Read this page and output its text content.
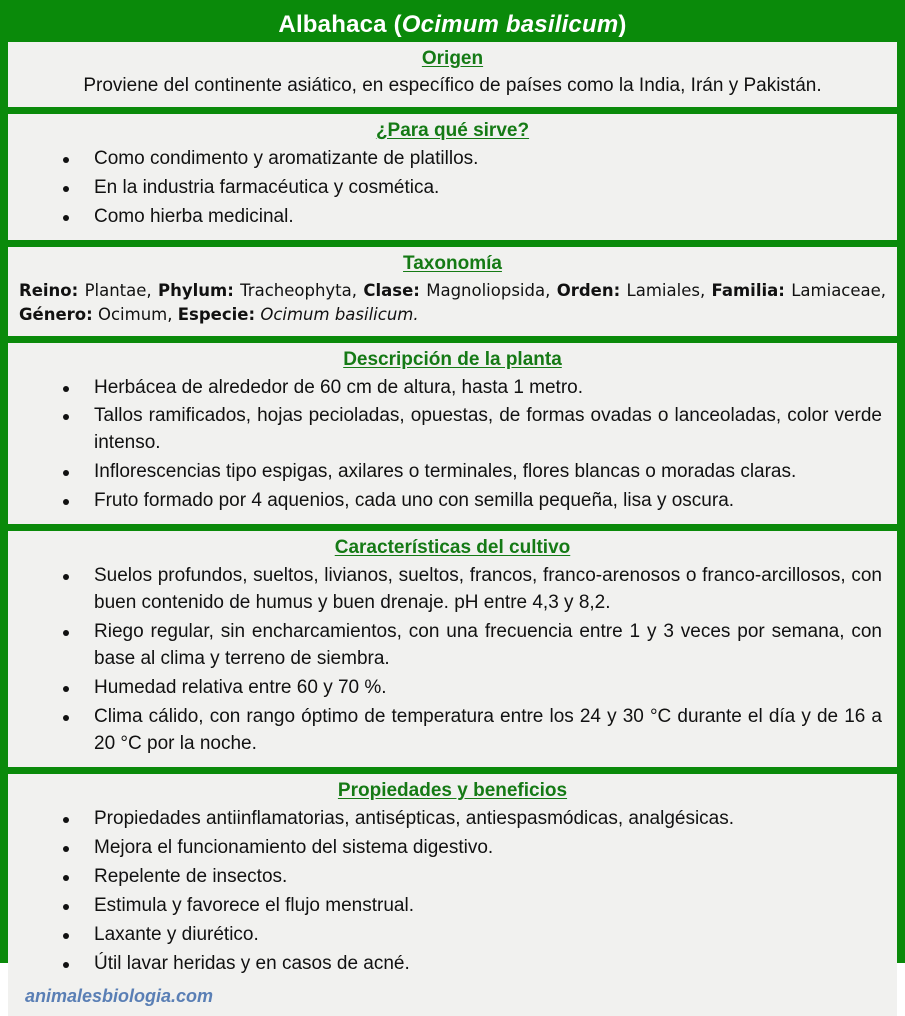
Albahaca ( Ocimum basilicum )
Origen
Proviene del continente asiático, en específico de países como la India, Irán y Pakistán.
¿Para qué sirve?
Como condimento y aromatizante de platillos.
En la industria farmacéutica y cosmética.
Como hierba medicinal.
Taxonomía
Reino: Plantae, Phylum: Tracheophyta, Clase: Magnoliopsida, Orden: Lamiales, Familia: Lamiaceae, Género: Ocimum, Especie: Ocimum basilicum.
Descripción de la planta
Herbácea de alrededor de 60 cm de altura, hasta 1 metro.
Tallos ramificados, hojas pecioladas, opuestas, de formas ovadas o lanceoladas, color verde intenso.
Inflorescencias tipo espigas, axilares o terminales, flores blancas o moradas claras.
Fruto formado por 4 aquenios, cada uno con semilla pequeña, lisa y oscura.
Características del cultivo
Suelos profundos, sueltos, livianos, sueltos, francos, franco-arenosos o franco-arcillosos, con buen contenido de humus y buen drenaje. pH entre 4,3 y 8,2.
Riego regular, sin encharcamientos, con una frecuencia entre 1 y 3 veces por semana, con base al clima y terreno de siembra.
Humedad relativa entre 60 y 70 %.
Clima cálido, con rango óptimo de temperatura entre los 24 y 30 °C durante el día y de 16 a 20 °C por la noche.
Propiedades y beneficios
Propiedades antiinflamatorias, antisépticas, antiespasmódicas, analgésicas.
Mejora el funcionamiento del sistema digestivo.
Repelente de insectos.
Estimula y favorece el flujo menstrual.
Laxante y diurético.
Útil lavar heridas y en casos de acné.
animalesbiologia.com
